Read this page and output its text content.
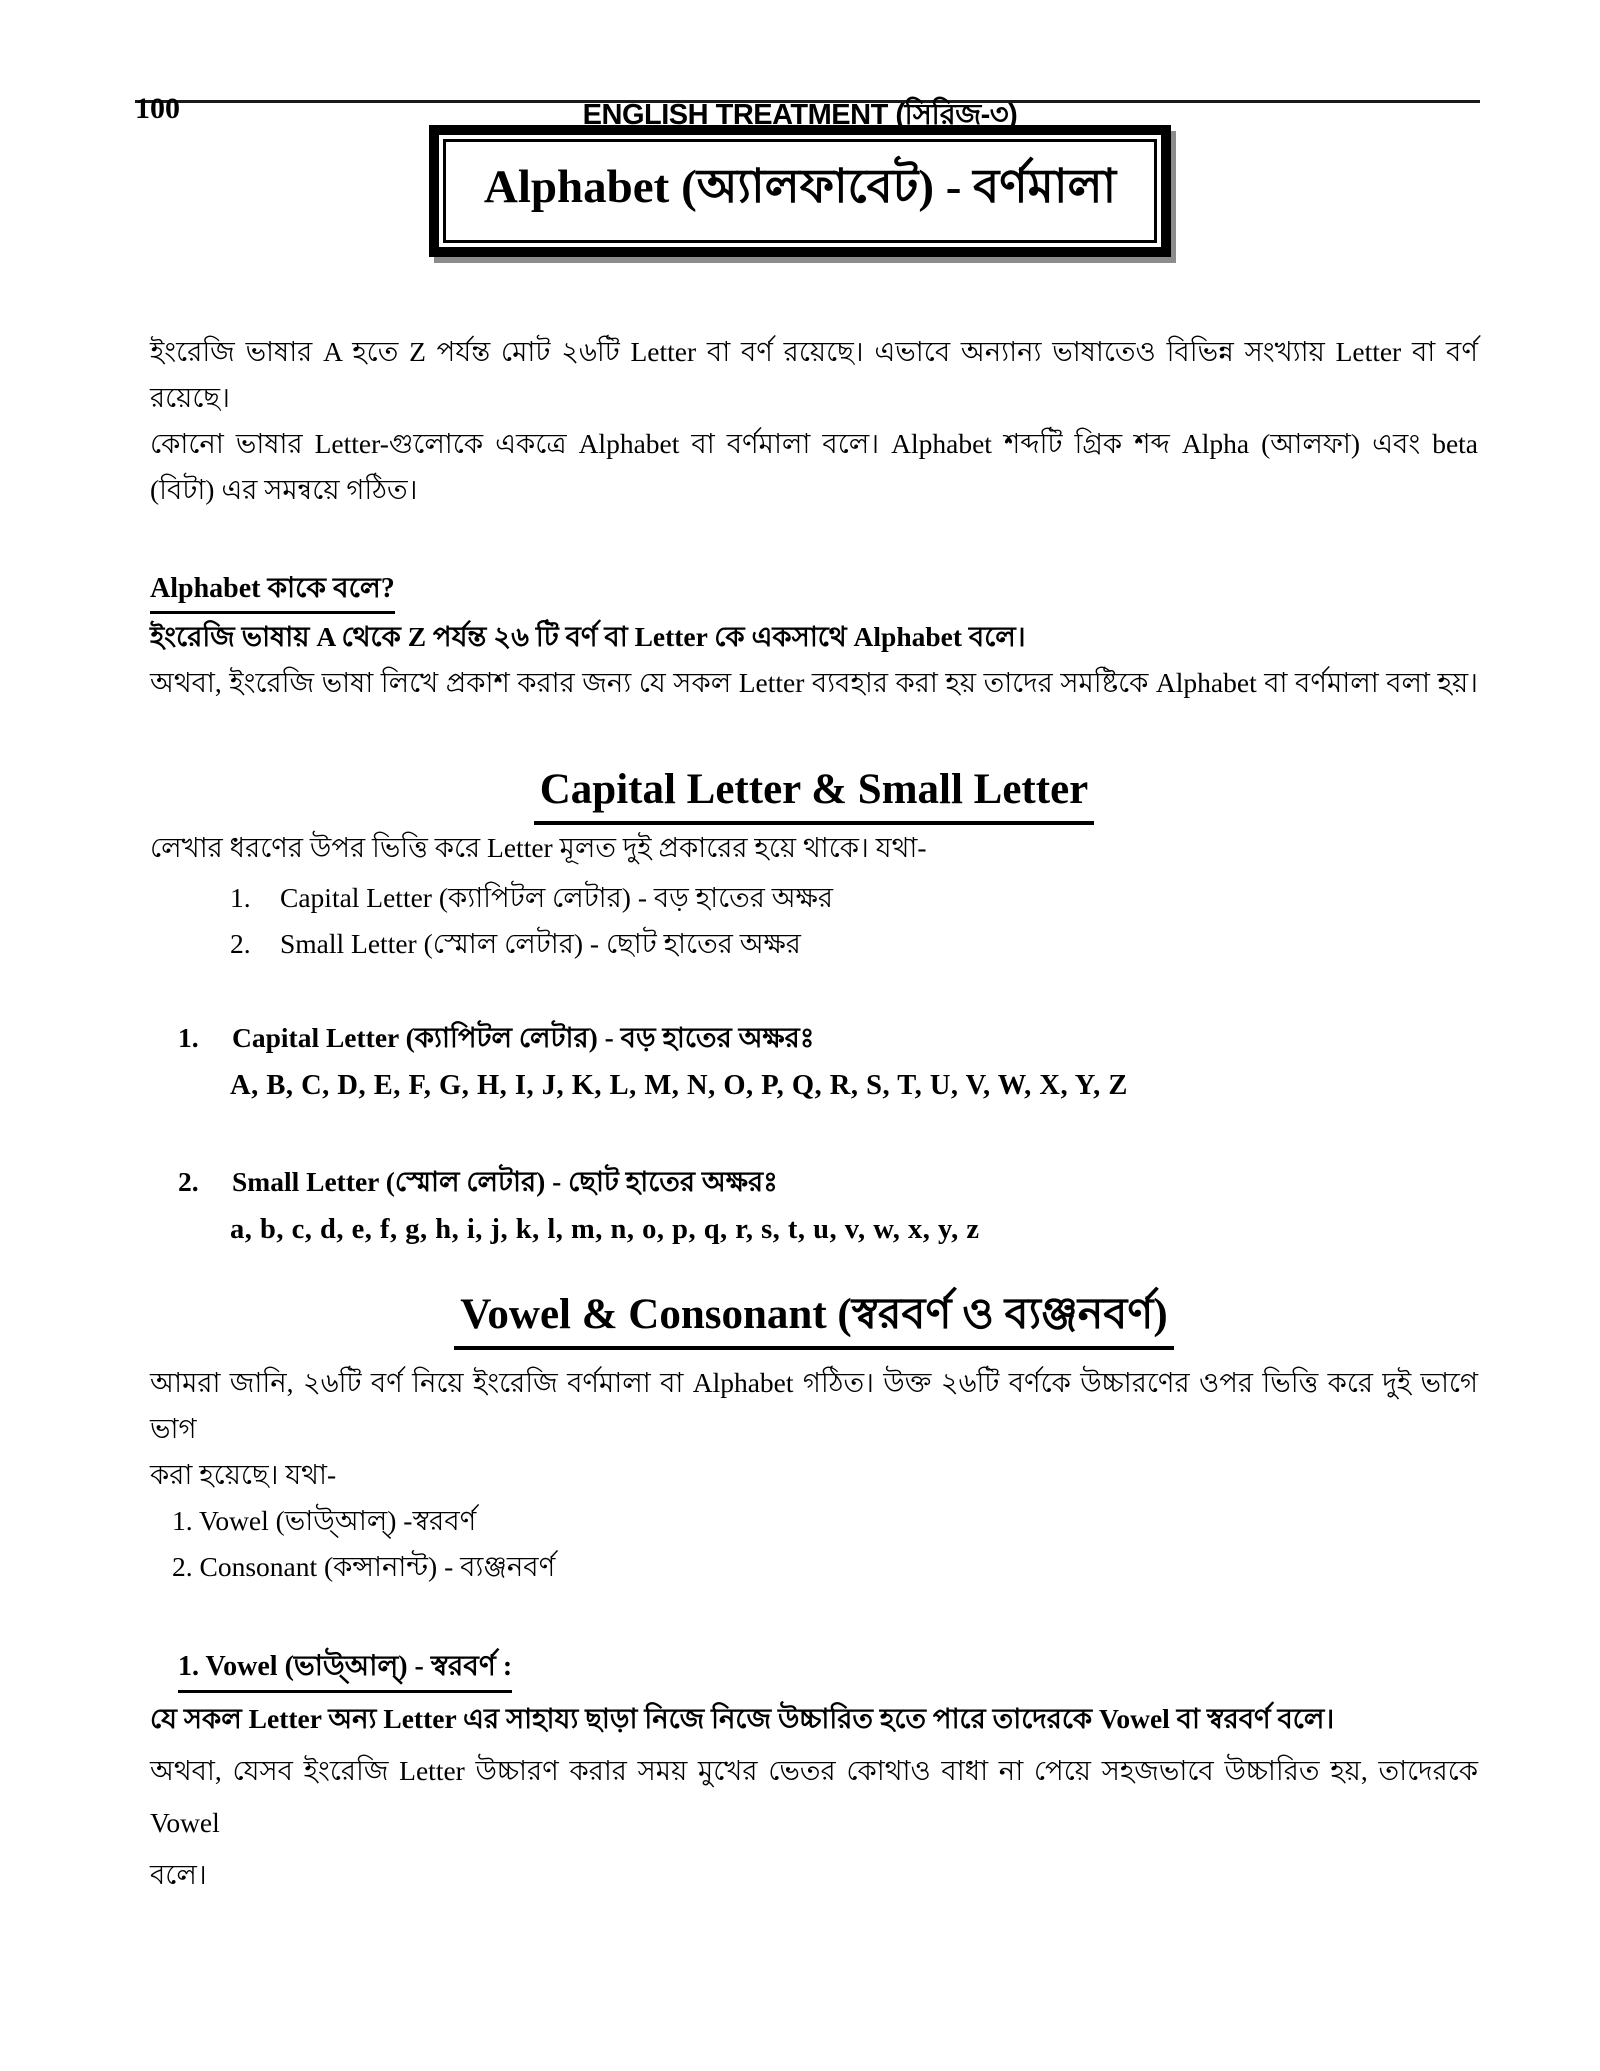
100	ENGLISH TREATMENT (সিরিজ-৩)
Alphabet (অ্যালফাবেট) - বর্ণমালা
ইংরেজি ভাষার A হতে Z পর্যন্ত মোট ২৬টি Letter বা বর্ণ রয়েছে। এভাবে অন্যান্য ভাষাতেও বিভিন্ন সংখ্যায় Letter বা বর্ণ রয়েছে।
কোনো ভাষার Letter-গুলোকে একত্রে Alphabet বা বর্ণমালা বলে। Alphabet শব্দটি গ্রিক শব্দ Alpha (আলফা) এবং beta
(বিটা) এর সমন্বয়ে গঠিত।
Alphabet কাকে বলে?
ইংরেজি ভাষায় A থেকে Z পর্যন্ত ২৬ টি বর্ণ বা Letter কে একসাথে Alphabet বলে।
অথবা, ইংরেজি ভাষা লিখে প্রকাশ করার জন্য যে সকল Letter ব্যবহার করা হয় তাদের সমষ্টিকে Alphabet বা বর্ণমালা বলা হয়।
Capital Letter & Small Letter
লেখার ধরণের উপর ভিত্তি করে Letter মূলত দুই প্রকারের হয়ে থাকে। যথা-
1.	Capital Letter (ক্যাপিটল লেটার) - বড় হাতের অক্ষর
2.	Small Letter (স্মোল লেটার) - ছোট হাতের অক্ষর
1.	Capital Letter (ক্যাপিটল লেটার) - বড় হাতের অক্ষরঃ
A, B, C, D, E, F, G, H, I, J, K, L, M, N, O, P, Q, R, S, T, U, V, W, X, Y, Z
2.	Small Letter (স্মোল লেটার) - ছোট হাতের অক্ষরঃ
a, b, c, d, e, f, g, h, i, j, k, l, m, n, o, p, q, r, s, t, u, v, w, x, y, z
Vowel & Consonant (স্বরবর্ণ ও ব্যঞ্জনবর্ণ)
আমরা জানি, ২৬টি বর্ণ নিয়ে ইংরেজি বর্ণমালা বা Alphabet গঠিত। উক্ত ২৬টি বর্ণকে উচ্চারণের ওপর ভিত্তি করে দুই ভাগে ভাগ
করা হয়েছে। যথা-
1. Vowel (ভাউ্‌আল্) -স্বরবর্ণ
2. Consonant (কন্সানান্ট) - ব্যঞ্জনবর্ণ
1. Vowel (ভাউ্‌আল্) - স্বরবর্ণ :
যে সকল Letter অন্য Letter এর সাহায্য ছাড়া নিজে নিজে উচ্চারিত হতে পারে তাদেরকে Vowel বা স্বরবর্ণ বলে।
অথবা, যেসব ইংরেজি Letter উচ্চারণ করার সময় মুখের ভেতর কোথাও বাধা না পেয়ে সহজভাবে উচ্চারিত হয়, তাদেরকে Vowel
বলে।
